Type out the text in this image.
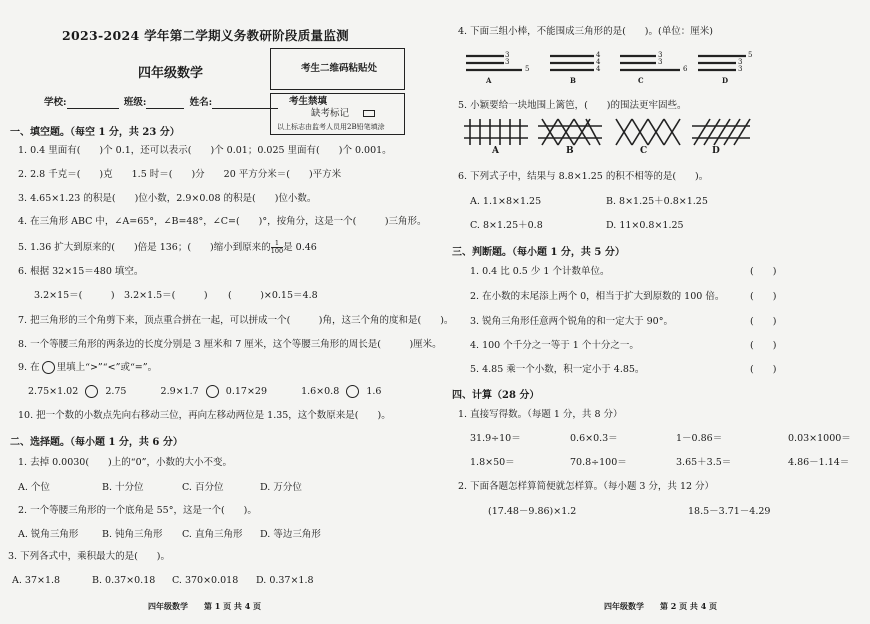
2023-2024 学年第二学期义务教研阶段质量监测
四年级数学	考生二维码粘贴处
学校:	班级:	姓名:	考生禁填
缺考标记
以上标志由监考人员用2B铅笔填涂
一、填空题。（每空 1 分，共 23 分）
1. 0.4 里面有(　　)个 0.1，还可以表示(　　)个 0.01；0.025 里面有(　　)个 0.001。
2. 2.8 千克＝(　　)克　　1.5 时＝(　　)分　　20 平方分米＝(　　)平方米
3. 4.65×1.23 的积是(　　)位小数，2.9×0.08 的积是(　　)位小数。
4. 在三角形 ABC 中，∠A=65°，∠B=48°，∠C=(　　)°，按角分，这是一个(　　　)三角形。
5. 1.36 扩大到原来的(　　)倍是 136；(　　)缩小到原来的 $\frac{1}{100}$ 是 0.46
6. 根据 32×15＝480 填空。
3.2×15＝(　　　) 3.2×1.5＝(　　　) (　　　)×0.15＝4.8
7. 把三角形的三个角剪下来，顶点重合拼在一起，可以拼成一个(　　　)角，这三个角的度和是(　　)。
8. 一个等腰三角形的两条边的长度分别是 3 厘米和 7 厘米，这个等腰三角形的周长是(　　　)厘米。
9. 在 里填上“>”“<”或“=”。
2.75×1.02	2.75	2.9×1.7	0.17×29	1.6×0.8	1.6
10. 把一个数的小数点先向右移动三位，再向左移动两位是 1.35，这个数原来是(　　)。
二、选择题。（每小题 1 分，共 6 分）
1. 去掉 0.0030(　　)上的“0”，小数的大小不变。
A. 个位	B. 十分位	C. 百分位	D. 万分位
2. 一个等腰三角形的一个底角是 55°，这是一个(　　)。
A. 锐角三角形 B. 钝角三角形 C. 直角三角形 D. 等边三角形
3. 下列各式中，乘积最大的是(　　)。
A. 37×1.8	B. 0.37×0.18 C. 370×0.018 D. 0.37×1.8
四年级数学　　第 1 页 共 4 页
4. 下面三组小棒，不能围成三角形的是(　　)。(单位：厘米)
3
3
5
4
4
4
3
3
6
5
3
3
A	B	C	D
5. 小颖要给一块地围上篱笆，(　　)的围法更牢固些。
A	B	C	D
6. 下列式子中，结果与 8.8×1.25 的积不相等的是(　　)。
A. 1.1×8×1.25	B. 8×1.25＋0.8×1.25
C. 8×1.25＋0.8	D. 11×0.8×1.25
三、判断题。（每小题 1 分，共 5 分）
1. 0.4 比 0.5 少 1 个计数单位。	(　　)
2. 在小数的末尾添上两个 0，相当于扩大到原数的 100 倍。	(　　)
3. 锐角三角形任意两个锐角的和一定大于 90°。	(　　)
4. 100 个千分之一等于 1 个十分之一。	(　　)
5. 4.85 乘一个小数，积一定小于 4.85。	(　　)
四、计算（28 分）
1. 直接写得数。（每题 1 分，共 8 分）
31.9÷10＝	0.6×0.3＝	1－0.86＝	0.03×1000＝
1.8×50＝	70.8÷100＝	3.65＋3.5＝	4.86－1.14＝
2. 下面各题怎样算简便就怎样算。（每小题 3 分，共 12 分）
(17.48－9.86)×1.2	18.5－3.71－4.29
四年级数学　　第 2 页 共 4 页
